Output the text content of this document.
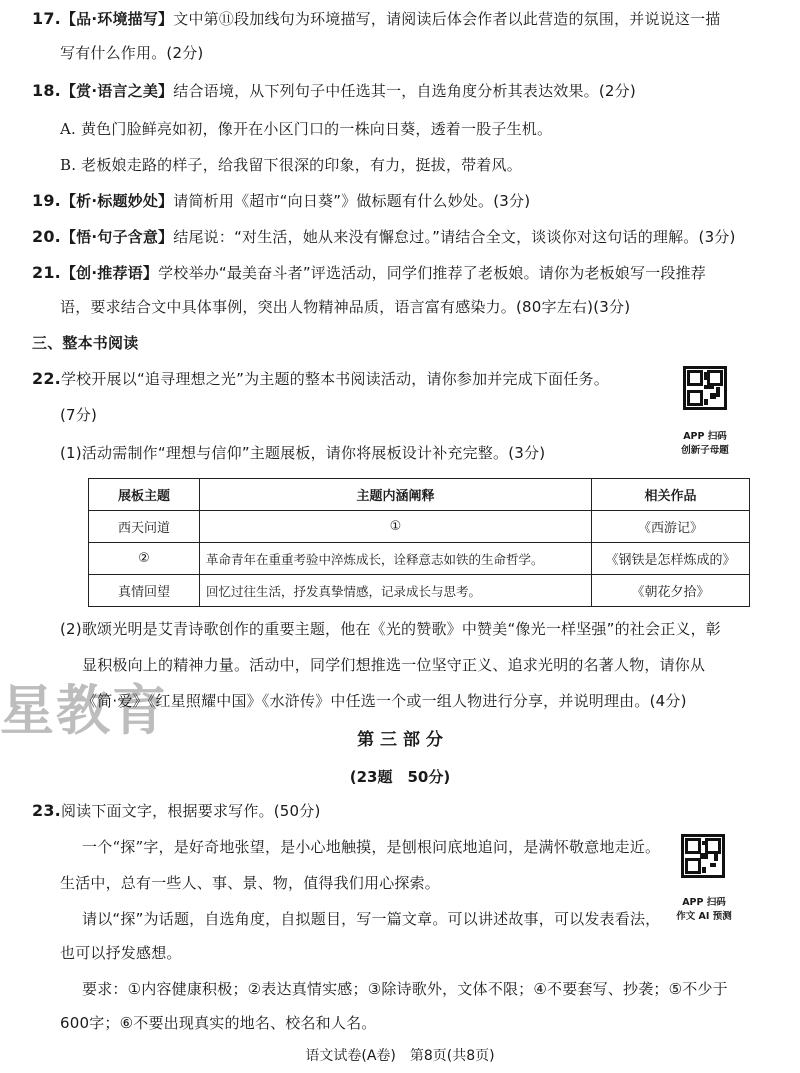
17.【品·环境描写】文中第⑪段加线句为环境描写，请阅读后体会作者以此营造的氛围，并说说这一描
写有什么作用。(2分)
18.【赏·语言之美】结合语境，从下列句子中任选其一，自选角度分析其表达效果。(2分)
A. 黄色门脸鲜亮如初，像开在小区门口的一株向日葵，透着一股子生机。
B. 老板娘走路的样子，给我留下很深的印象，有力，挺拔，带着风。
19.【析·标题妙处】请简析用《超市“向日葵”》做标题有什么妙处。(3分)
20.【悟·句子含意】结尾说：“对生活，她从来没有懈怠过。”请结合全文，谈谈你对这句话的理解。(3分)
21.【创·推荐语】学校举办“最美奋斗者”评选活动，同学们推荐了老板娘。请你为老板娘写一段推荐
语，要求结合文中具体事例，突出人物精神品质，语言富有感染力。(80字左右)(3分)
三、整本书阅读
22.学校开展以“追寻理想之光”为主题的整本书阅读活动，请你参加并完成下面任务。
(7分)
(1)活动需制作“理想与信仰”主题展板，请你将展板设计补充完整。(3分)
APP 扫码
创新子母题
展板主题	主题内涵阐释	相关作品
西天问道	①	《西游记》
②	革命青年在重重考验中淬炼成长，诠释意志如铁的生命哲学。	《钢铁是怎样炼成的》
真情回望	回忆过往生活，抒发真挚情感，记录成长与思考。	《朝花夕拾》
(2)歌颂光明是艾青诗歌创作的重要主题，他在《光的赞歌》中赞美“像光一样坚强”的社会正义，彰
显积极向上的精神力量。活动中，同学们想推选一位坚守正义、追求光明的名著人物，请你从
星教育
《简·爱》《红星照耀中国》《水浒传》中任选一个或一组人物进行分享，并说明理由。(4分)
第 三 部 分
(23题　50分)
23.阅读下面文字，根据要求写作。(50分)
一个“探”字，是好奇地张望，是小心地触摸，是刨根问底地追问，是满怀敬意地走近。
生活中，总有一些人、事、景、物，值得我们用心探索。
APP 扫码
作文 AI 预测
请以“探”为话题，自选角度，自拟题目，写一篇文章。可以讲述故事，可以发表看法，
也可以抒发感想。
要求：①内容健康积极；②表达真情实感；③除诗歌外，文体不限；④不要套写、抄袭；⑤不少于
600字；⑥不要出现真实的地名、校名和人名。
语文试卷(A卷)　第8页(共8页)
